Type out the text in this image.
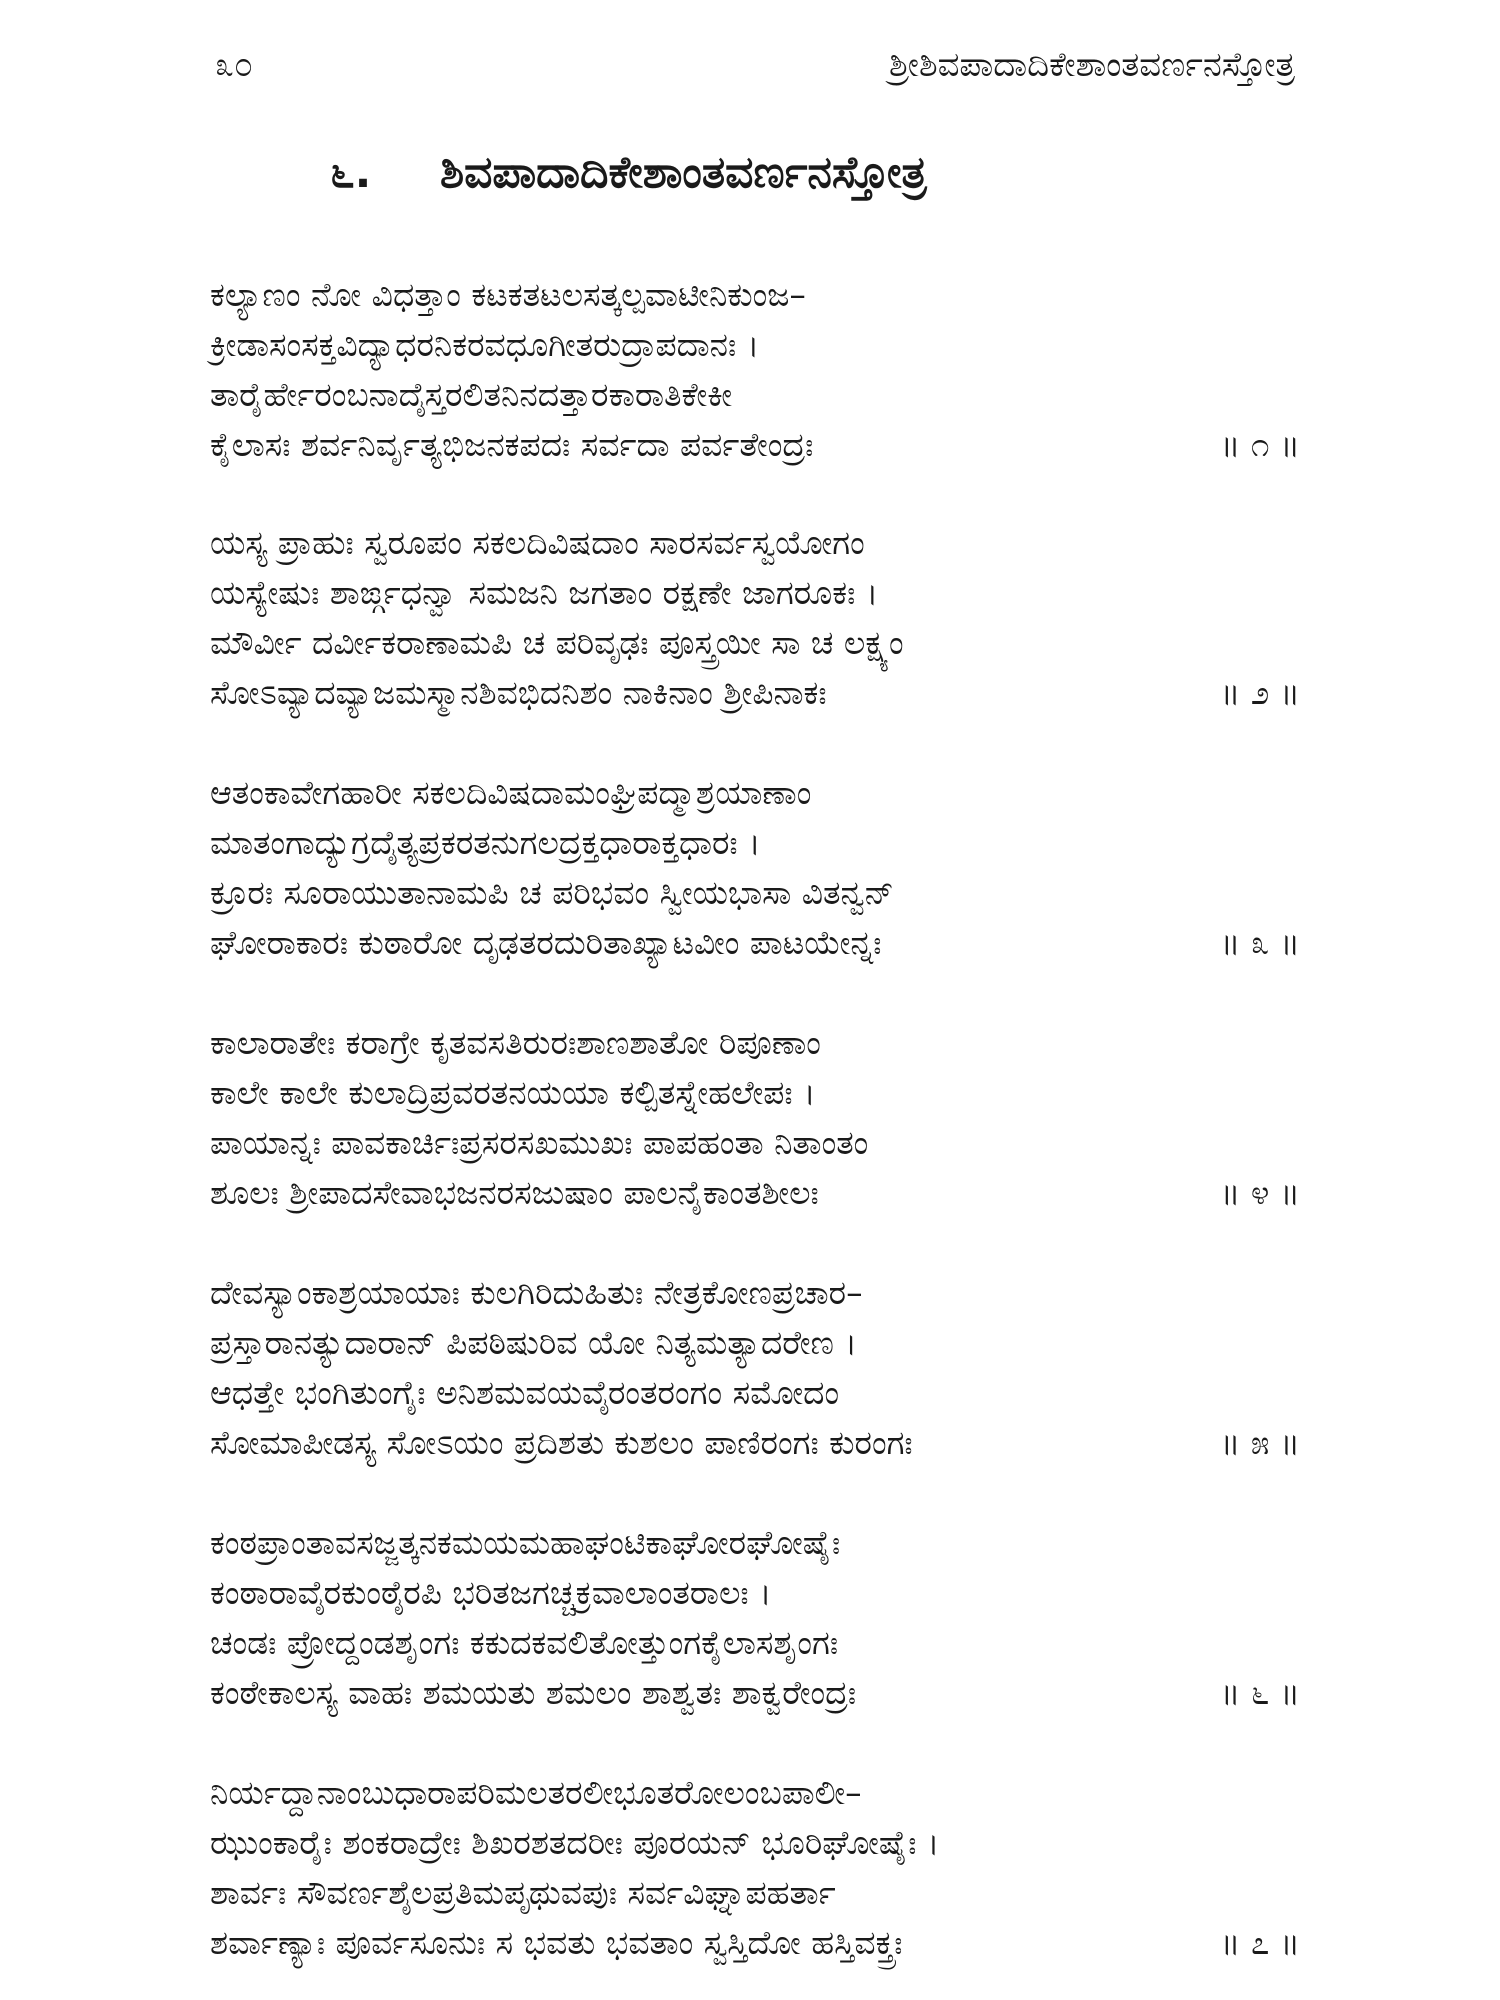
೩೦	ಶ್ರೀಶಿವಪಾದಾದಿಕೇಶಾಂತವರ್ಣನಸ್ತೋತ್ರ
೬. ಶಿವಪಾದಾದಿಕೇಶಾಂತವರ್ಣನಸ್ತೋತ್ರ
ಕಲ್ಯಾಣಂ ನೋ ವಿಧತ್ತಾಂ ಕಟಕತಟಲಸತ್ಕಲ್ಪವಾಟೀನಿಕುಂಜ–
ಕ್ರೀಡಾಸಂಸಕ್ತವಿದ್ಯಾಧರನಿಕರವಧೂಗೀತರುದ್ರಾಪದಾನಃ ।
ತಾರೈರ್ಹೇರಂಬನಾದೈಸ್ತರಲಿತನಿನದತ್ತಾರಕಾರಾತಿಕೇಕೀ
ಕೈಲಾಸಃ ಶರ್ವನಿರ್ವೃತ್ಯಭಿಜನಕಪದಃ ಸರ್ವದಾ ಪರ್ವತೇಂದ್ರಃ	॥ ೧ ॥
ಯಸ್ಯ ಪ್ರಾಹುಃ ಸ್ವರೂಪಂ ಸಕಲದಿವಿಷದಾಂ ಸಾರಸರ್ವಸ್ವಯೋಗಂ
ಯಸ್ಯೇಷುಃ ಶಾರ್ಙ್ಗಧನ್ವಾ ಸಮಜನಿ ಜಗತಾಂ ರಕ್ಷಣೇ ಜಾಗರೂಕಃ ।
ಮೌರ್ವೀ ದರ್ವೀಕರಾಣಾಮಪಿ ಚ ಪರಿವೃಢಃ ಪೂಸ್ತ್ರಯೀ ಸಾ ಚ ಲಕ್ಷ್ಯಂ
ಸೋಽವ್ಯಾದವ್ಯಾಜಮಸ್ಮಾನಶಿವಭಿದನಿಶಂ ನಾಕಿನಾಂ ಶ್ರೀಪಿನಾಕಃ	॥ ೨ ॥
ಆತಂಕಾವೇಗಹಾರೀ ಸಕಲದಿವಿಷದಾಮಂಘ್ರಿಪದ್ಮಾಶ್ರಯಾಣಾಂ
ಮಾತಂಗಾದ್ಯುಗ್ರದೈತ್ಯಪ್ರಕರತನುಗಲದ್ರಕ್ತಧಾರಾಕ್ತಧಾರಃ ।
ಕ್ರೂರಃ ಸೂರಾಯುತಾನಾಮಪಿ ಚ ಪರಿಭವಂ ಸ್ವೀಯಭಾಸಾ ವಿತನ್ವನ್
ಘೋರಾಕಾರಃ ಕುಠಾರೋ ದೃಢತರದುರಿತಾಖ್ಯಾಟವೀಂ ಪಾಟಯೇನ್ನಃ	॥ ೩ ॥
ಕಾಲಾರಾತೇಃ ಕರಾಗ್ರೇ ಕೃತವಸತಿರುರಃಶಾಣಶಾತೋ ರಿಪೂಣಾಂ
ಕಾಲೇ ಕಾಲೇ ಕುಲಾದ್ರಿಪ್ರವರತನಯಯಾ ಕಲ್ಪಿತಸ್ನೇಹಲೇಪಃ ।
ಪಾಯಾನ್ನಃ ಪಾವಕಾರ್ಚಿಃಪ್ರಸರಸಖಮುಖಃ ಪಾಪಹಂತಾ ನಿತಾಂತಂ
ಶೂಲಃ ಶ್ರೀಪಾದಸೇವಾಭಜನರಸಜುಷಾಂ ಪಾಲನೈಕಾಂತಶೀಲಃ	॥ ೪ ॥
ದೇವಸ್ಯಾಂಕಾಶ್ರಯಾಯಾಃ ಕುಲಗಿರಿದುಹಿತುಃ ನೇತ್ರಕೋಣಪ್ರಚಾರ–
ಪ್ರಸ್ತಾರಾನತ್ಯುದಾರಾನ್ ಪಿಪಠಿಷುರಿವ ಯೋ ನಿತ್ಯಮತ್ಯಾದರೇಣ ।
ಆಧತ್ತೇ ಭಂಗಿತುಂಗೈಃ ಅನಿಶಮವಯವೈರಂತರಂಗಂ ಸಮೋದಂ
ಸೋಮಾಪೀಡಸ್ಯ ಸೋಽಯಂ ಪ್ರದಿಶತು ಕುಶಲಂ ಪಾಣಿರಂಗಃ ಕುರಂಗಃ	॥ ೫ ॥
ಕಂಠಪ್ರಾಂತಾವಸಜ್ಜತ್ಕನಕಮಯಮಹಾಘಂಟಿಕಾಘೋರಘೋಷೈಃ
ಕಂಠಾರಾವೈರಕುಂಠೈರಪಿ ಭರಿತಜಗಚ್ಚಕ್ರವಾಲಾಂತರಾಲಃ ।
ಚಂಡಃ ಪ್ರೋದ್ದಂಡಶೃಂಗಃ ಕಕುದಕವಲಿತೋತ್ತುಂಗಕೈಲಾಸಶೃಂಗಃ
ಕಂಠೇಕಾಲಸ್ಯ ವಾಹಃ ಶಮಯತು ಶಮಲಂ ಶಾಶ್ವತಃ ಶಾಕ್ವರೇಂದ್ರಃ	॥ ೬ ॥
ನಿರ್ಯದ್ದಾನಾಂಬುಧಾರಾಪರಿಮಲತರಲೀಭೂತರೋಲಂಬಪಾಲೀ–
ಝುಂಕಾರೈಃ ಶಂಕರಾದ್ರೇಃ ಶಿಖರಶತದರೀಃ ಪೂರಯನ್ ಭೂರಿಘೋಷೈಃ ।
ಶಾರ್ವಃ ಸೌವರ್ಣಶೈಲಪ್ರತಿಮಪೃಥುವಪುಃ ಸರ್ವವಿಘ್ನಾಪಹರ್ತಾ
ಶರ್ವಾಣ್ಯಾಃ ಪೂರ್ವಸೂನುಃ ಸ ಭವತು ಭವತಾಂ ಸ್ವಸ್ತಿದೋ ಹಸ್ತಿವಕ್ತ್ರಃ	॥ ೭ ॥
